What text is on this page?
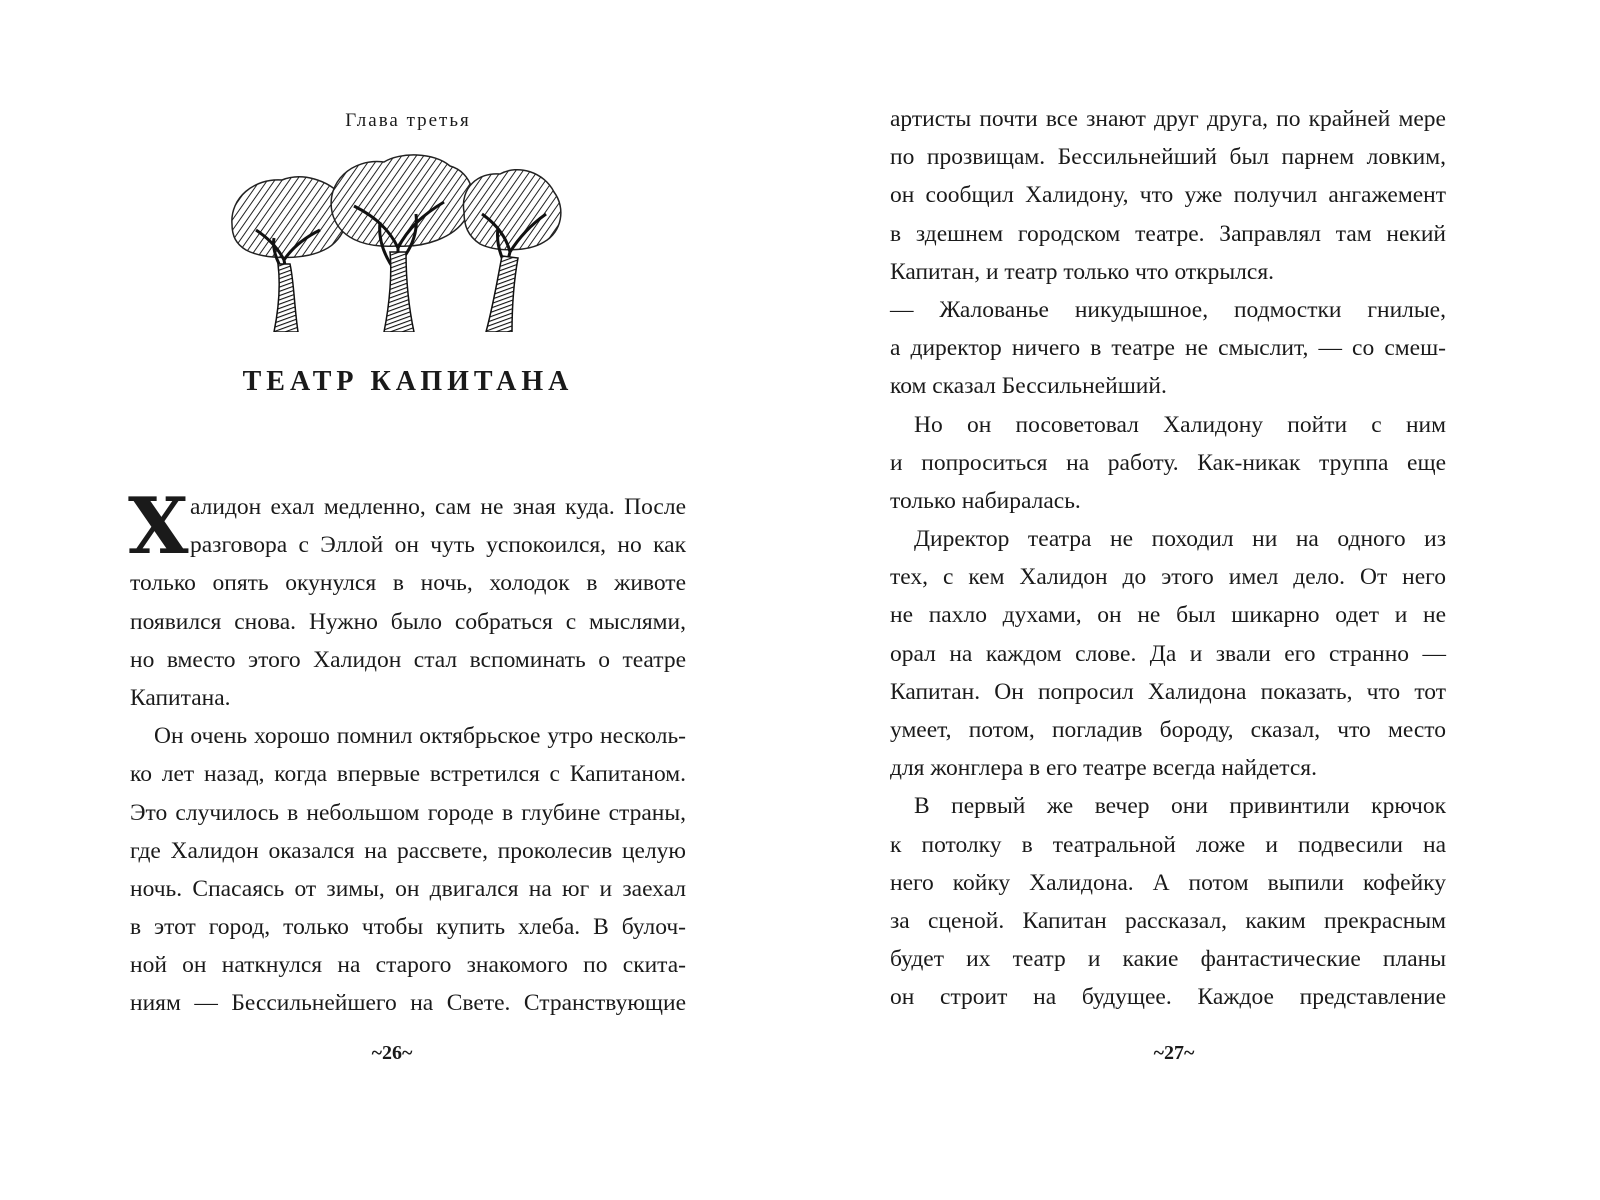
Глава третья
ТЕАТР КАПИТАНА
Х алидон ехал медленно, сам не зная куда. После
разговора с Эллой он чуть успокоился, но как
только опять окунулся в ночь, холодок в животе
появился снова. Нужно было собраться с мыслями,
но вместо этого Халидон стал вспоминать о театре
Капитана.
Он очень хорошо помнил октябрьское утро несколь-
ко лет назад, когда впервые встретился с Капитаном.
Это случилось в небольшом городе в глубине страны,
где Халидон оказался на рассвете, проколесив целую
ночь. Спасаясь от зимы, он двигался на юг и заехал
в этот город, только чтобы купить хлеба. В булоч-
ной он наткнулся на старого знакомого по скита-
ниям — Бессильнейшего на Свете. Странствующие
~26~
артисты почти все знают друг друга, по крайней мере
по прозвищам. Бессильнейший был парнем ловким,
он сообщил Халидону, что уже получил ангажемент
в здешнем городском театре. Заправлял там некий
Капитан, и театр только что открылся.
— Жалованье никудышное, подмостки гнилые,
а директор ничего в театре не смыслит, — со смеш-
ком сказал Бессильнейший.
Но он посоветовал Халидону пойти с ним
и попроситься на работу. Как-никак труппа еще
только набиралась.
Директор театра не походил ни на одного из
тех, с кем Халидон до этого имел дело. От него
не пахло духами, он не был шикарно одет и не
орал на каждом слове. Да и звали его странно —
Капитан. Он попросил Халидона показать, что тот
умеет, потом, погладив бороду, сказал, что место
для жонглера в его театре всегда найдется.
В первый же вечер они привинтили крючок
к потолку в театральной ложе и подвесили на
него койку Халидона. А потом выпили кофейку
за сценой. Капитан рассказал, каким прекрасным
будет их театр и какие фантастические планы
он строит на будущее. Каждое представление
~27~
